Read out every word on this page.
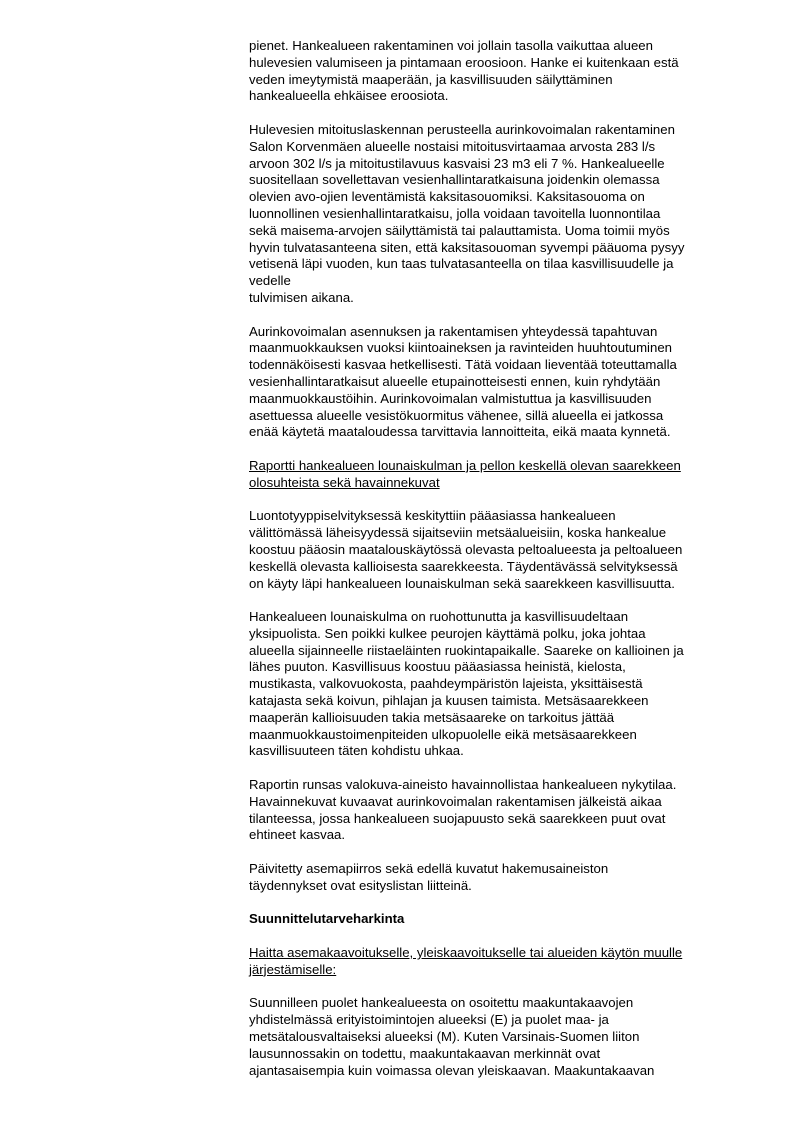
pienet. Hankealueen rakentaminen voi jollain tasolla vaikuttaa alueen
hulevesien valumiseen ja pintamaan eroosioon. Hanke ei kuitenkaan estä
veden imeytymistä maaperään, ja kasvillisuuden säilyttäminen
hankealueella ehkäisee eroosiota.
Hulevesien mitoituslaskennan perusteella aurinkovoimalan rakentaminen
Salon Korvenmäen alueelle nostaisi mitoitusvirtaamaa arvosta 283 l/s
arvoon 302 l/s ja mitoitustilavuus kasvaisi 23 m3 eli 7 %. Hankealueelle
suositellaan sovellettavan vesienhallintaratkaisuna joidenkin olemassa
olevien avo-ojien leventämistä kaksitasouomiksi. Kaksitasouoma on
luonnollinen vesienhallintaratkaisu, jolla voidaan tavoitella luonnontilaa
sekä maisema-arvojen säilyttämistä tai palauttamista. Uoma toimii myös
hyvin tulvatasanteena siten, että kaksitasouoman syvempi pääuoma pysyy
vetisenä läpi vuoden, kun taas tulvatasanteella on tilaa kasvillisuudelle ja
vedelle
tulvimisen aikana.
Aurinkovoimalan asennuksen ja rakentamisen yhteydessä tapahtuvan
maanmuokkauksen vuoksi kiintoaineksen ja ravinteiden huuhtoutuminen
todennäköisesti kasvaa hetkellisesti. Tätä voidaan lieventää toteuttamalla
vesienhallintaratkaisut alueelle etupainotteisesti ennen, kuin ryhdytään
maanmuokkaustöihin. Aurinkovoimalan valmistuttua ja kasvillisuuden
asettuessa alueelle vesistökuormitus vähenee, sillä alueella ei jatkossa
enää käytetä maataloudessa tarvittavia lannoitteita, eikä maata kynnetä.
Raportti hankealueen lounaiskulman ja pellon keskellä olevan saarekkeen
olosuhteista sekä havainnekuvat
Luontotyyppiselvityksessä keskityttiin pääasiassa hankealueen
välittömässä läheisyydessä sijaitseviin metsäalueisiin, koska hankealue
koostuu pääosin maatalouskäytössä olevasta peltoalueesta ja peltoalueen
keskellä olevasta kallioisesta saarekkeesta. Täydentävässä selvityksessä
on käyty läpi hankealueen lounaiskulman sekä saarekkeen kasvillisuutta.
Hankealueen lounaiskulma on ruohottunutta ja kasvillisuudeltaan
yksipuolista. Sen poikki kulkee peurojen käyttämä polku, joka johtaa
alueella sijainneelle riistaeläinten ruokintapaikalle. Saareke on kallioinen ja
lähes puuton. Kasvillisuus koostuu pääasiassa heinistä, kielosta,
mustikasta, valkovuokosta, paahdeympäristön lajeista, yksittäisestä
katajasta sekä koivun, pihlajan ja kuusen taimista. Metsäsaarekkeen
maaperän kallioisuuden takia metsäsaareke on tarkoitus jättää
maanmuokkaustoimenpiteiden ulkopuolelle eikä metsäsaarekkeen
kasvillisuuteen täten kohdistu uhkaa.
Raportin runsas valokuva-aineisto havainnollistaa hankealueen nykytilaa.
Havainnekuvat kuvaavat aurinkovoimalan rakentamisen jälkeistä aikaa
tilanteessa, jossa hankealueen suojapuusto sekä saarekkeen puut ovat
ehtineet kasvaa.
Päivitetty asemapiirros sekä edellä kuvatut hakemusaineiston
täydennykset ovat esityslistan liitteinä.
Suunnittelutarveharkinta
Haitta asemakaavoitukselle, yleiskaavoitukselle tai alueiden käytön muulle
järjestämiselle:
Suunnilleen puolet hankealueesta on osoitettu maakuntakaavojen
yhdistelmässä erityistoimintojen alueeksi (E) ja puolet maa- ja
metsätalousvaltaiseksi alueeksi (M). Kuten Varsinais-Suomen liiton
lausunnossakin on todettu, maakuntakaavan merkinnät ovat
ajantasaisempia kuin voimassa olevan yleiskaavan. Maakuntakaavan
